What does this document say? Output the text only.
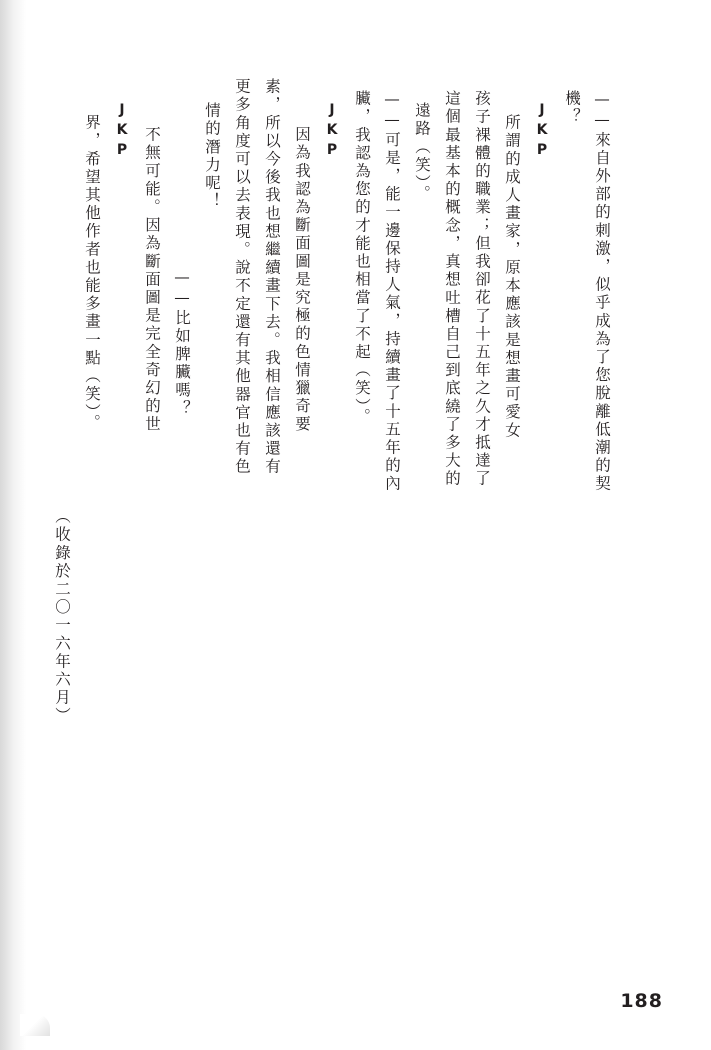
（收錄於二〇一六年六月）
界，希望其他作者也能多畫一點（笑）。 JKP 不無可能。因為斷面圖是完全奇幻的世 ——比如脾臟嗎？
情的潛力呢！ 更多角度可以去表現。說不定還有其他器官也有色 素，所以今後我也想繼續畫下去。我相信應該還有 因為我認為斷面圖是究極的色情獵奇要 JKP 臟，我認為您的才能也相當了不起（笑）。 ——可是，能一邊保持人氣，持續畫了十五年的內 遠路（笑）。 這個最基本的概念，真想吐槽自己到底繞了多大的 孩子裸體的職業；但我卻花了十五年之久才抵達了 所謂的成人畫家，原本應該是想畫可愛女 JKP 機？ ——來自外部的刺激，似乎成為了您脫離低潮的契
188
